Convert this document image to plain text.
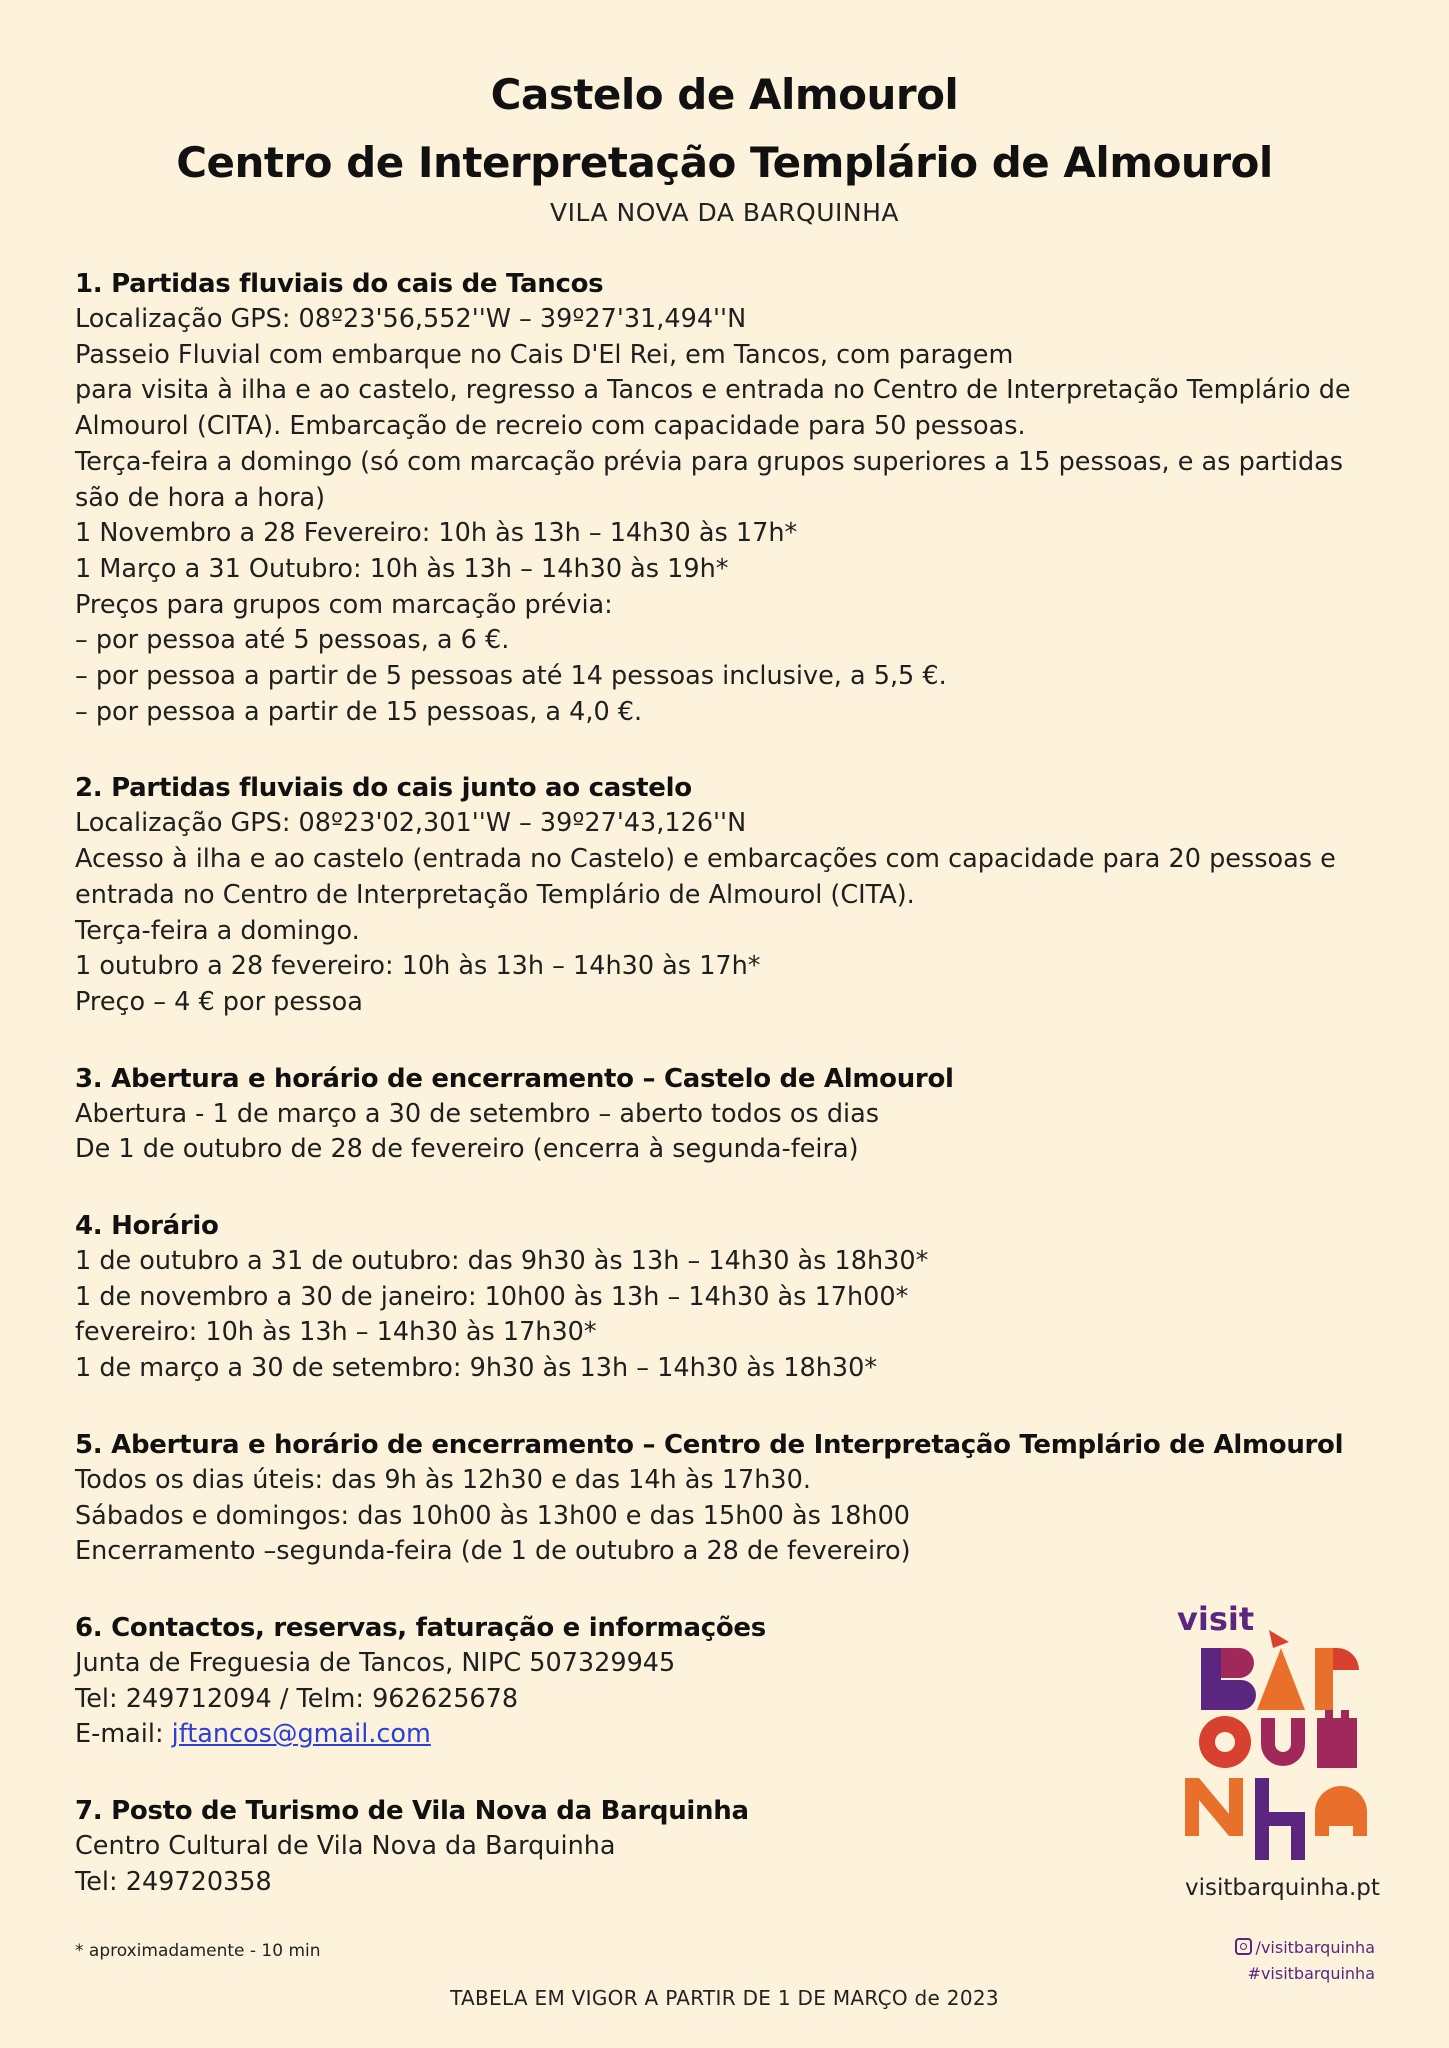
Castelo de Almourol
Centro de Interpretação Templário de Almourol
VILA NOVA DA BARQUINHA

1. Partidas fluviais do cais de Tancos

Localização GPS: 08º23'56,552''W – 39º27'31,494''N

Passeio Fluvial com embarque no Cais D'El Rei, em Tancos, com paragem

para visita à ilha e ao castelo, regresso a Tancos e entrada no Centro de Interpretação Templário de Almourol (CITA). Embarcação de recreio com capacidade para 50 pessoas.

Terça-feira a domingo (só com marcação prévia para grupos superiores a 15 pessoas, e as partidas são de hora a hora)

1 Novembro a 28 Fevereiro: 10h às 13h – 14h30 às 17h*

1 Março a 31 Outubro: 10h às 13h – 14h30 às 19h*

Preços para grupos com marcação prévia:

– por pessoa até 5 pessoas, a 6 €.

– por pessoa a partir de 5 pessoas até 14 pessoas inclusive, a 5,5 €.

– por pessoa a partir de 15 pessoas, a 4,0 €.

2. Partidas fluviais do cais junto ao castelo

Localização GPS: 08º23'02,301''W – 39º27'43,126''N

Acesso à ilha e ao castelo (entrada no Castelo) e embarcações com capacidade para 20 pessoas e entrada no Centro de Interpretação Templário de Almourol (CITA).

Terça-feira a domingo.

1 outubro a 28 fevereiro: 10h às 13h – 14h30 às 17h*

Preço – 4 € por pessoa

3. Abertura e horário de encerramento – Castelo de Almourol

Abertura - 1 de março a 30 de setembro – aberto todos os dias

De 1 de outubro de 28 de fevereiro (encerra à segunda-feira)

4. Horário

1 de outubro a 31 de outubro: das 9h30 às 13h – 14h30 às 18h30*

1 de novembro a 30 de janeiro: 10h00 às 13h – 14h30 às 17h00*

fevereiro: 10h às 13h – 14h30 às 17h30*

1 de março a 30 de setembro: 9h30 às 13h – 14h30 às 18h30*

5. Abertura e horário de encerramento – Centro de Interpretação Templário de Almourol

Todos os dias úteis: das 9h às 12h30 e das 14h às 17h30.

Sábados e domingos: das 10h00 às 13h00 e das 15h00 às 18h00

Encerramento –segunda-feira (de 1 de outubro a 28 de fevereiro)

6. Contactos, reservas, faturação e informações

Junta de Freguesia de Tancos, NIPC 507329945

Tel: 249712094 / Telm: 962625678

E-mail: jftancos@gmail.com

7. Posto de Turismo de Vila Nova da Barquinha

Centro Cultural de Vila Nova da Barquinha

Tel: 249720358

visit
visitbarquinha.pt
/visitbarquinha
#visitbarquinha
* aproximadamente - 10 min
TABELA EM VIGOR A PARTIR DE 1 DE MARÇO de 2023
